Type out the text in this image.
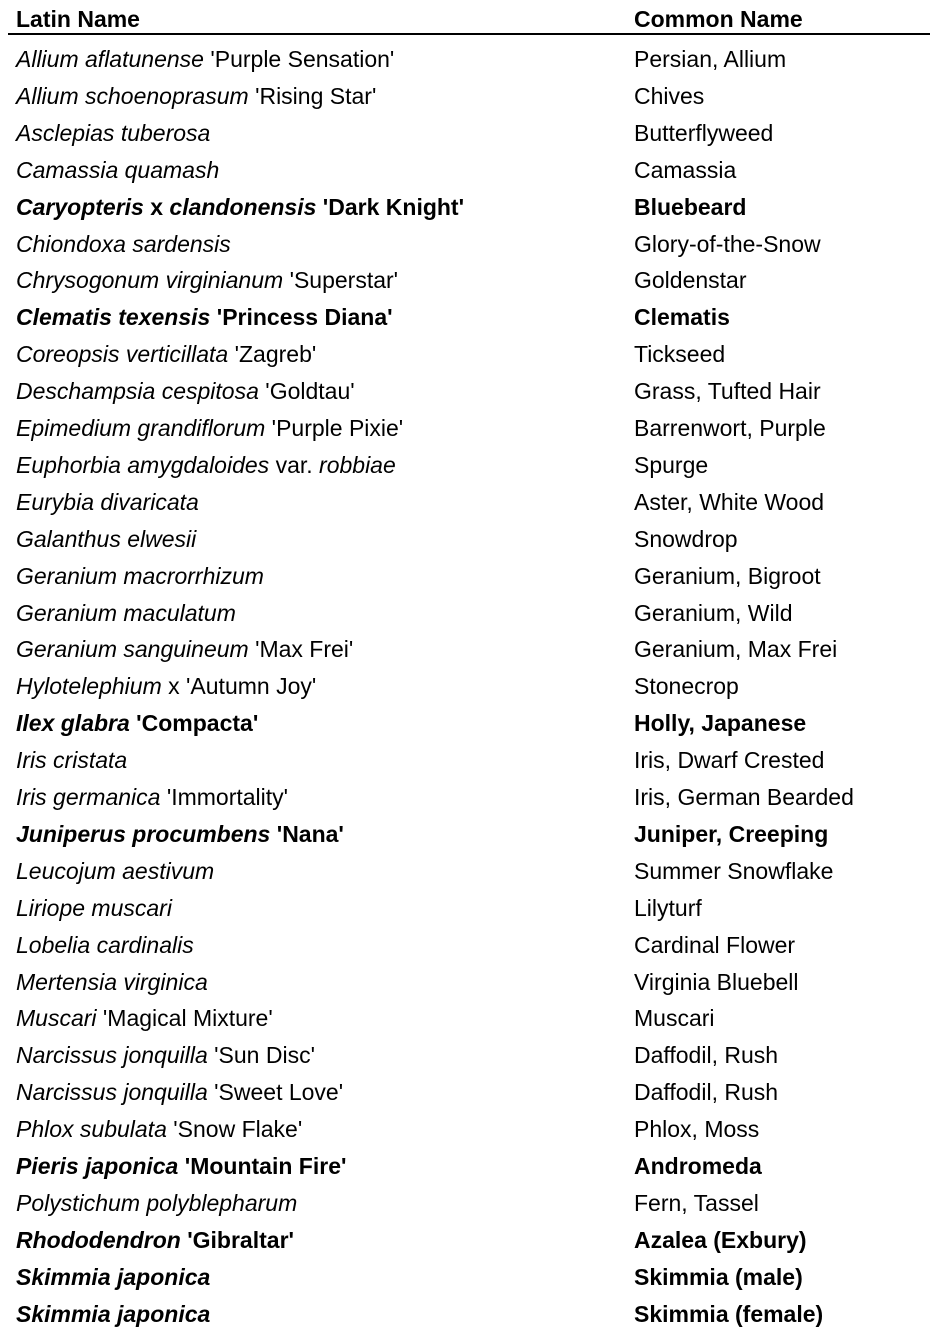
Latin Name	Common Name
Allium aflatunense 'Purple Sensation'	Persian, Allium
Allium schoenoprasum 'Rising Star'	Chives
Asclepias tuberosa	Butterflyweed
Camassia quamash	Camassia
Caryopteris x clandonensis 'Dark Knight'	Bluebeard
Chiondoxa sardensis	Glory-of-the-Snow
Chrysogonum virginianum 'Superstar'	Goldenstar
Clematis texensis 'Princess Diana'	Clematis
Coreopsis verticillata 'Zagreb'	Tickseed
Deschampsia cespitosa 'Goldtau'	Grass, Tufted Hair
Epimedium grandiflorum 'Purple Pixie'	Barrenwort, Purple
Euphorbia amygdaloides var. robbiae	Spurge
Eurybia divaricata	Aster, White Wood
Galanthus elwesii	Snowdrop
Geranium macrorrhizum	Geranium, Bigroot
Geranium maculatum	Geranium, Wild
Geranium sanguineum 'Max Frei'	Geranium, Max Frei
Hylotelephium x 'Autumn Joy'	Stonecrop
Ilex glabra 'Compacta'	Holly, Japanese
Iris cristata	Iris, Dwarf Crested
Iris germanica 'Immortality'	Iris, German Bearded
Juniperus procumbens 'Nana'	Juniper, Creeping
Leucojum aestivum	Summer Snowflake
Liriope muscari	Lilyturf
Lobelia cardinalis	Cardinal Flower
Mertensia virginica	Virginia Bluebell
Muscari 'Magical Mixture'	Muscari
Narcissus jonquilla 'Sun Disc'	Daffodil, Rush
Narcissus jonquilla 'Sweet Love'	Daffodil, Rush
Phlox subulata 'Snow Flake'	Phlox, Moss
Pieris japonica 'Mountain Fire'	Andromeda
Polystichum polyblepharum	Fern, Tassel
Rhododendron 'Gibraltar'	Azalea (Exbury)
Skimmia japonica	Skimmia (male)
Skimmia japonica	Skimmia (female)
